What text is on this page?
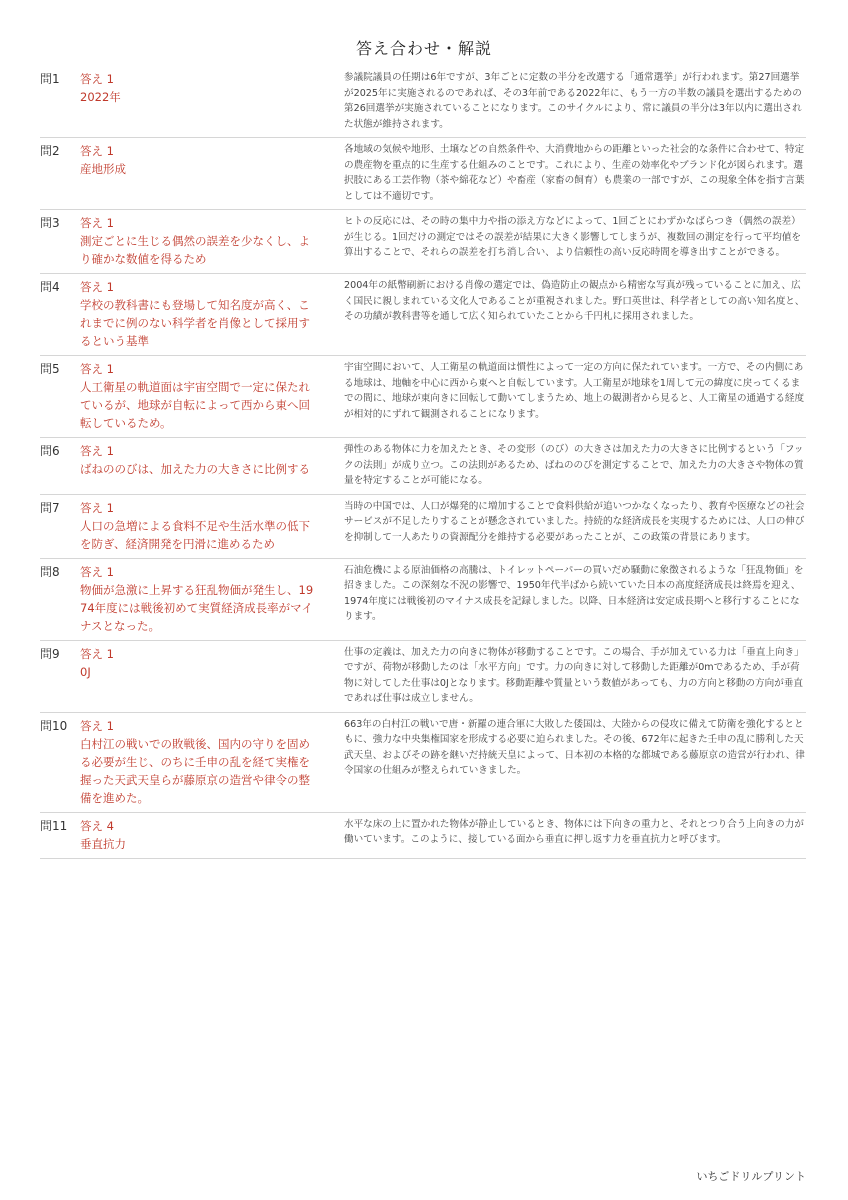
答え合わせ・解説
問1	答え 1
2022年
参議院議員の任期は6年ですが、3年ごとに定数の半分を改選する「通常選挙」が行われます。第27回選挙が2025年に実施されるのであれば、その3年前である2022年に、もう一方の半数の議員を選出するための第26回選挙が実施されていることになります。このサイクルにより、常に議員の半分は3年以内に選出された状態が維持されます。
問2	答え 1
産地形成
各地域の気候や地形、土壌などの自然条件や、大消費地からの距離といった社会的な条件に合わせて、特定の農産物を重点的に生産する仕組みのことです。これにより、生産の効率化やブランド化が図られます。選択肢にある工芸作物（茶や綿花など）や畜産（家畜の飼育）も農業の一部ですが、この現象全体を指す言葉としては不適切です。
問3	答え 1
測定ごとに生じる偶然の誤差を少なくし、より確かな数値を得るため
ヒトの反応には、その時の集中力や指の添え方などによって、1回ごとにわずかなばらつき（偶然の誤差）が生じる。1回だけの測定ではその誤差が結果に大きく影響してしまうが、複数回の測定を行って平均値を算出することで、それらの誤差を打ち消し合い、より信頼性の高い反応時間を導き出すことができる。
問4	答え 1
学校の教科書にも登場して知名度が高く、これまでに例のない科学者を肖像として採用するという基準
2004年の紙幣刷新における肖像の選定では、偽造防止の観点から精密な写真が残っていることに加え、広く国民に親しまれている文化人であることが重視されました。野口英世は、科学者としての高い知名度と、その功績が教科書等を通して広く知られていたことから千円札に採用されました。
問5	答え 1
人工衛星の軌道面は宇宙空間で一定に保たれているが、地球が自転によって西から東へ回転しているため。
宇宙空間において、人工衛星の軌道面は慣性によって一定の方向に保たれています。一方で、その内側にある地球は、地軸を中心に西から東へと自転しています。人工衛星が地球を1周して元の緯度に戻ってくるまでの間に、地球が東向きに回転して動いてしまうため、地上の観測者から見ると、人工衛星の通過する経度が相対的にずれて観測されることになります。
問6	答え 1
ばねののびは、加えた力の大きさに比例する
弾性のある物体に力を加えたとき、その変形（のび）の大きさは加えた力の大きさに比例するという「フックの法則」が成り立つ。この法則があるため、ばねののびを測定することで、加えた力の大きさや物体の質量を特定することが可能になる。
問7	答え 1
人口の急増による食料不足や生活水準の低下を防ぎ、経済開発を円滑に進めるため
当時の中国では、人口が爆発的に増加することで食料供給が追いつかなくなったり、教育や医療などの社会サービスが不足したりすることが懸念されていました。持続的な経済成長を実現するためには、人口の伸びを抑制して一人あたりの資源配分を維持する必要があったことが、この政策の背景にあります。
問8	答え 1
物価が急激に上昇する狂乱物価が発生し、1974年度には戦後初めて実質経済成長率がマイナスとなった。
石油危機による原油価格の高騰は、トイレットペーパーの買いだめ騒動に象徴されるような「狂乱物価」を招きました。この深刻な不況の影響で、1950年代半ばから続いていた日本の高度経済成長は終焉を迎え、1974年度には戦後初のマイナス成長を記録しました。以降、日本経済は安定成長期へと移行することになります。
問9	答え 1
0J
仕事の定義は、加えた力の向きに物体が移動することです。この場合、手が加えている力は「垂直上向き」ですが、荷物が移動したのは「水平方向」です。力の向きに対して移動した距離が0mであるため、手が荷物に対してした仕事は0Jとなります。移動距離や質量という数値があっても、力の方向と移動の方向が垂直であれば仕事は成立しません。
問10	答え 1
白村江の戦いでの敗戦後、国内の守りを固める必要が生じ、のちに壬申の乱を経て実権を握った天武天皇らが藤原京の造営や律令の整備を進めた。
663年の白村江の戦いで唐・新羅の連合軍に大敗した倭国は、大陸からの侵攻に備えて防衛を強化するとともに、強力な中央集権国家を形成する必要に迫られました。その後、672年に起きた壬申の乱に勝利した天武天皇、およびその跡を継いだ持統天皇によって、日本初の本格的な都城である藤原京の造営が行われ、律令国家の仕組みが整えられていきました。
問11	答え 4
垂直抗力
水平な床の上に置かれた物体が静止しているとき、物体には下向きの重力と、それとつり合う上向きの力が働いています。このように、接している面から垂直に押し返す力を垂直抗力と呼びます。
いちごドリルプリント
